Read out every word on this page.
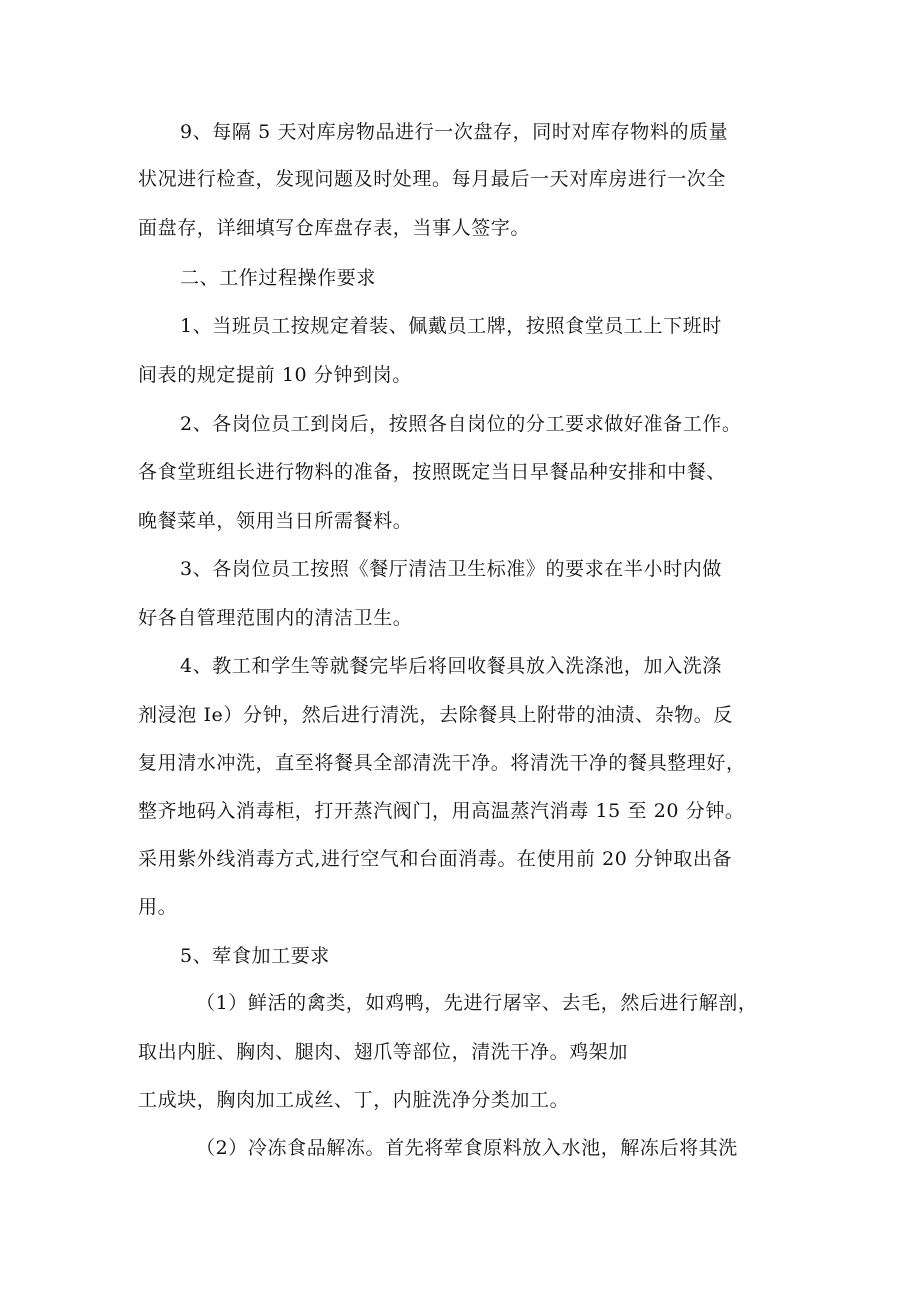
9、每隔 5 天对库房物品进行一次盘存，同时对库存物料的质量
状况进行检查，发现问题及时处理。每月最后一天对库房进行一次全
面盘存，详细填写仓库盘存表，当事人签字。
二、工作过程操作要求
1、当班员工按规定着装、佩戴员工牌，按照食堂员工上下班时
间表的规定提前 10 分钟到岗。
2、各岗位员工到岗后，按照各自岗位的分工要求做好准备工作。
各食堂班组长进行物料的准备，按照既定当日早餐品种安排和中餐、
晚餐菜单，领用当日所需餐料。
3、各岗位员工按照《餐厅清洁卫生标准》的要求在半小时内做
好各自管理范围内的清洁卫生。
4、教工和学生等就餐完毕后将回收餐具放入洗涤池，加入洗涤
剂浸泡 Ie）分钟，然后进行清洗，去除餐具上附带的油渍、杂物。反
复用清水冲洗，直至将餐具全部清洗干净。将清洗干净的餐具整理好，
整齐地码入消毒柜，打开蒸汽阀门，用高温蒸汽消毒 15 至 20 分钟。
采用紫外线消毒方式,进行空气和台面消毒。在使用前 20 分钟取出备
用。
5、荤食加工要求
（1）鲜活的禽类，如鸡鸭，先进行屠宰、去毛，然后进行解剖，
取出内脏、胸肉、腿肉、翅爪等部位，清洗干净。鸡架加
工成块，胸肉加工成丝、丁，内脏洗净分类加工。
（2）冷冻食品解冻。首先将荤食原料放入水池，解冻后将其洗
